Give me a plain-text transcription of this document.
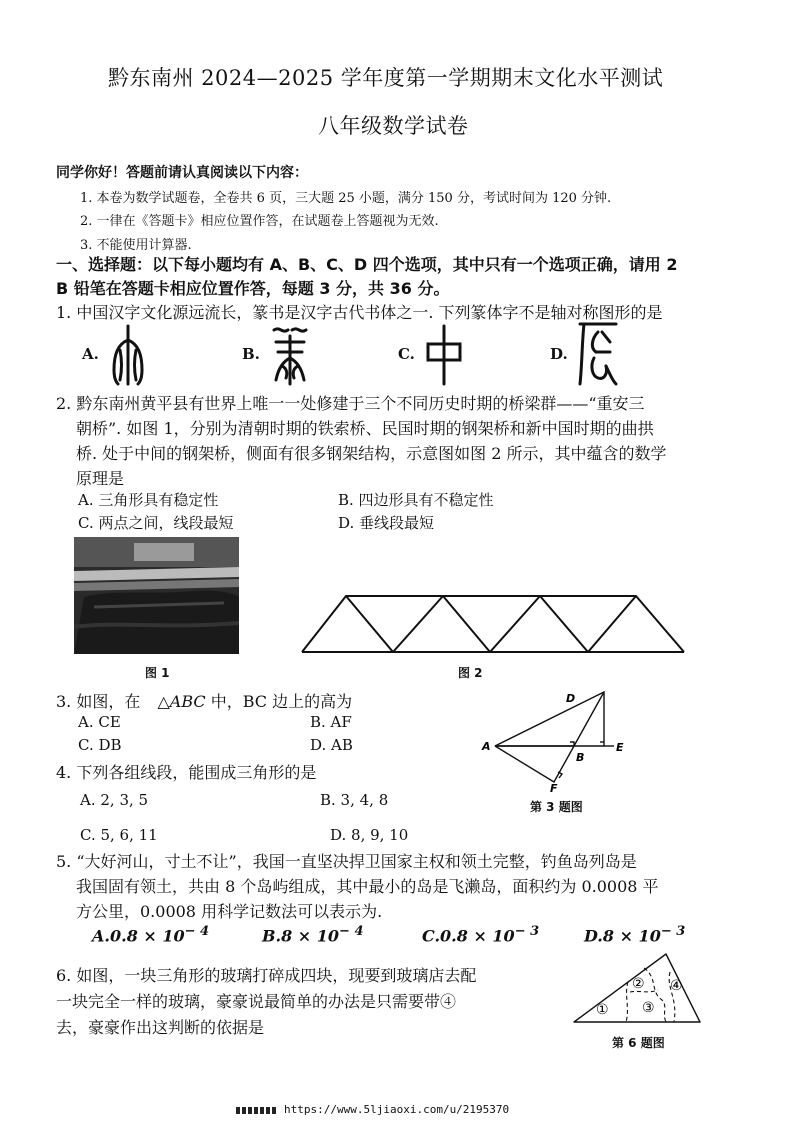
黔东南州 2024—2025 学年度第一学期期末文化水平测试
八年级数学试卷
同学你好！答题前请认真阅读以下内容：
1. 本卷为数学试题卷，全卷共 6 页，三大题 25 小题，满分 150 分，考试时间为 120 分钟.
2. 一律在《答题卡》相应位置作答，在试题卷上答题视为无效.
3. 不能使用计算器.
一、选择题：以下每小题均有 A、B、C、D 四个选项，其中只有一个选项正确，请用 2
B 铅笔在答题卡相应位置作答，每题 3 分，共 36 分。
1. 中国汉字文化源远流长，篆书是汉字古代书体之一. 下列篆体字不是轴对称图形的是
A.	B.	C.	D.
2. 黔东南州黄平县有世界上唯一一处修建于三个不同历史时期的桥梁群——“重安三
朝桥”. 如图 1，分别为清朝时期的铁索桥、民国时期的钢架桥和新中国时期的曲拱
桥. 处于中间的钢架桥，侧面有很多钢架结构，示意图如图 2 所示，其中蕴含的数学
原理是
A. 三角形具有稳定性	B. 四边形具有不稳定性
C. 两点之间，线段最短	D. 垂线段最短
图 1	图 2
3. 如图，在 △ABC 中，BC 边上的高为
A. CE	B. AF
C. DB	D. AB
D
A
B
E
F
第 3 题图
4. 下列各组线段，能围成三角形的是
A. 2, 3, 5	B. 3, 4, 8
C. 5, 6, 11	D. 8, 9, 10
5. “大好河山，寸土不让”，我国一直坚决捍卫国家主权和领土完整，钓鱼岛列岛是
我国固有领土，共由 8 个岛屿组成，其中最小的岛是飞濑岛，面积约为 0.0008 平
方公里，0.0008 用科学记数法可以表示为.
$A.0.8 \times 10^{- 4}$	$B.8 \times 10^{- 4}$	$C.0.8 \times 10^{- 3}$	$D.8 \times 10^{- 3}$
6. 如图，一块三角形的玻璃打碎成四块，现要到玻璃店去配
一块完全一样的玻璃，豪豪说最简单的办法是只需要带④
去，豪豪作出这判断的依据是
①
②
③
④
第 6 题图
https://www.5ljiaoxi.com/u/2195370
